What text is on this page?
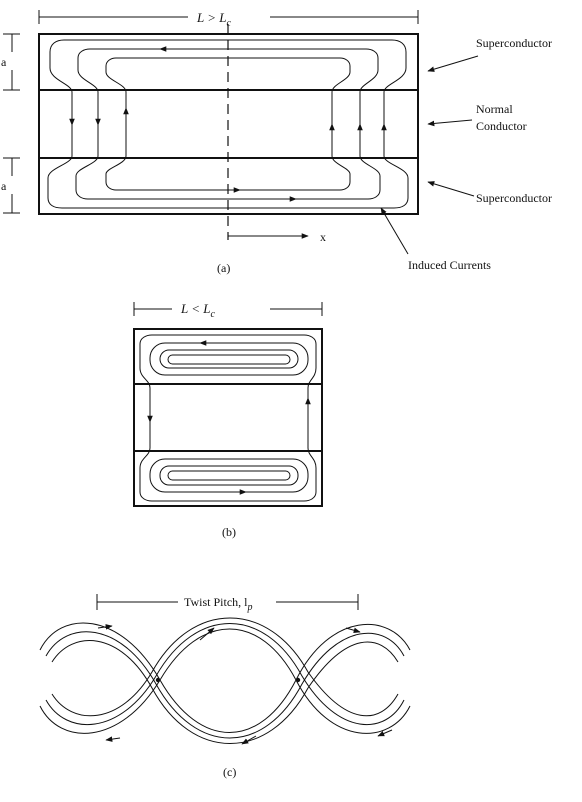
$L > L_c$
a
a
x
Superconductor
Normal
Conductor
Superconductor
Induced Currents
(a)
$L < L_c$
(b)
Twist Pitch, $l_p$
(c)
